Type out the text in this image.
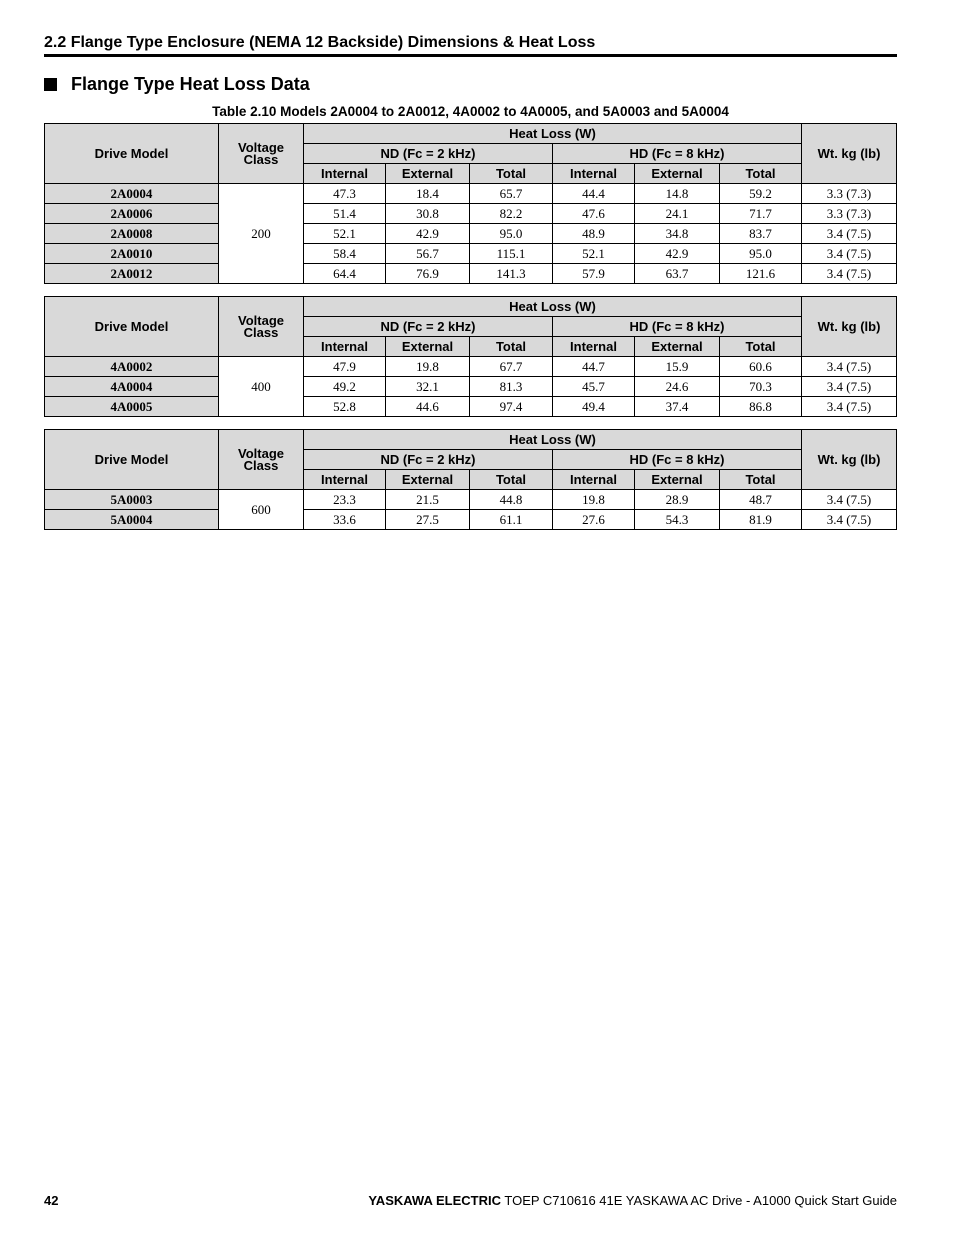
2.2 Flange Type Enclosure (NEMA 12 Backside) Dimensions & Heat Loss
Flange Type Heat Loss Data
Table 2.10 Models 2A0004 to 2A0012, 4A0002 to 4A0005, and 5A0003 and 5A0004
Drive Model	Voltage
Class	Heat Loss (W)						Wt. kg (lb)
		ND (Fc = 2 kHz)			HD (Fc = 8 kHz)			
		Internal	External	Total	Internal	External	Total	
2A0004	200	47.3	18.4	65.7	44.4	14.8	59.2	3.3 (7.3)
2A0006		51.4	30.8	82.2	47.6	24.1	71.7	3.3 (7.3)
2A0008		52.1	42.9	95.0	48.9	34.8	83.7	3.4 (7.5)
2A0010		58.4	56.7	115.1	52.1	42.9	95.0	3.4 (7.5)
2A0012		64.4	76.9	141.3	57.9	63.7	121.6	3.4 (7.5)
Drive Model	Voltage
Class	Heat Loss (W)						Wt. kg (lb)
		ND (Fc = 2 kHz)			HD (Fc = 8 kHz)			
		Internal	External	Total	Internal	External	Total	
4A0002	400	47.9	19.8	67.7	44.7	15.9	60.6	3.4 (7.5)
4A0004		49.2	32.1	81.3	45.7	24.6	70.3	3.4 (7.5)
4A0005		52.8	44.6	97.4	49.4	37.4	86.8	3.4 (7.5)
Drive Model	Voltage
Class	Heat Loss (W)						Wt. kg (lb)
		ND (Fc = 2 kHz)			HD (Fc = 8 kHz)			
		Internal	External	Total	Internal	External	Total	
5A0003	600	23.3	21.5	44.8	19.8	28.9	48.7	3.4 (7.5)
5A0004		33.6	27.5	61.1	27.6	54.3	81.9	3.4 (7.5)
42	YASKAWA ELECTRIC TOEP C710616 41E YASKAWA AC Drive - A1000 Quick Start Guide
